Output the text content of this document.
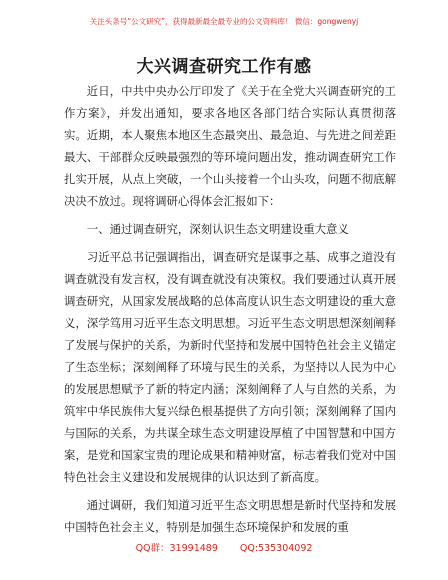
关注头条号“公文研究”，获得最新最全最专业的公文资料库！ 微信：gongwenyj
大兴调查研究工作有感

近日，中共中央办公厅印发了《关于在全党大兴调查研究的工作方案》，并发出通知，要求各地区各部门结合实际认真贯彻落实。近期，本人聚焦本地区生态最突出、最急迫、与先进之间差距最大、干部群众反映最强烈的等环境问题出发，推动调查研究工作扎实开展，从点上突破，一个山头接着一个山头攻，问题不彻底解决决不放过。现将调研心得体会汇报如下：

一、通过调查研究，深刻认识生态文明建设重大意义

习近平总书记强调指出，调查研究是谋事之基、成事之道没有调查就没有发言权，没有调查就没有决策权。我们要通过认真开展调查研究，从国家发展战略的总体高度认识生态文明建设的重大意义，深学笃用习近平生态文明思想。习近平生态文明思想深刻阐释了发展与保护的关系，为新时代坚持和发展中国特色社会主义锚定了生态坐标；深刻阐释了环境与民生的关系，为坚持以人民为中心的发展思想赋予了新的特定内涵；深刻阐释了人与自然的关系，为筑牢中华民族伟大复兴绿色根基提供了方向引领；深刻阐释了国内与国际的关系，为共谋全球生态文明建设厚植了中国智慧和中国方案，是党和国家宝贵的理论成果和精神财富，标志着我们党对中国特色社会主义建设和发展规律的认识达到了新高度。

通过调研，我们知道习近平生态文明思想是新时代坚持和发展中国特色社会主义，特别是加强生态环境保护和发展的重

QQ群：31991489 QQ:535304092
